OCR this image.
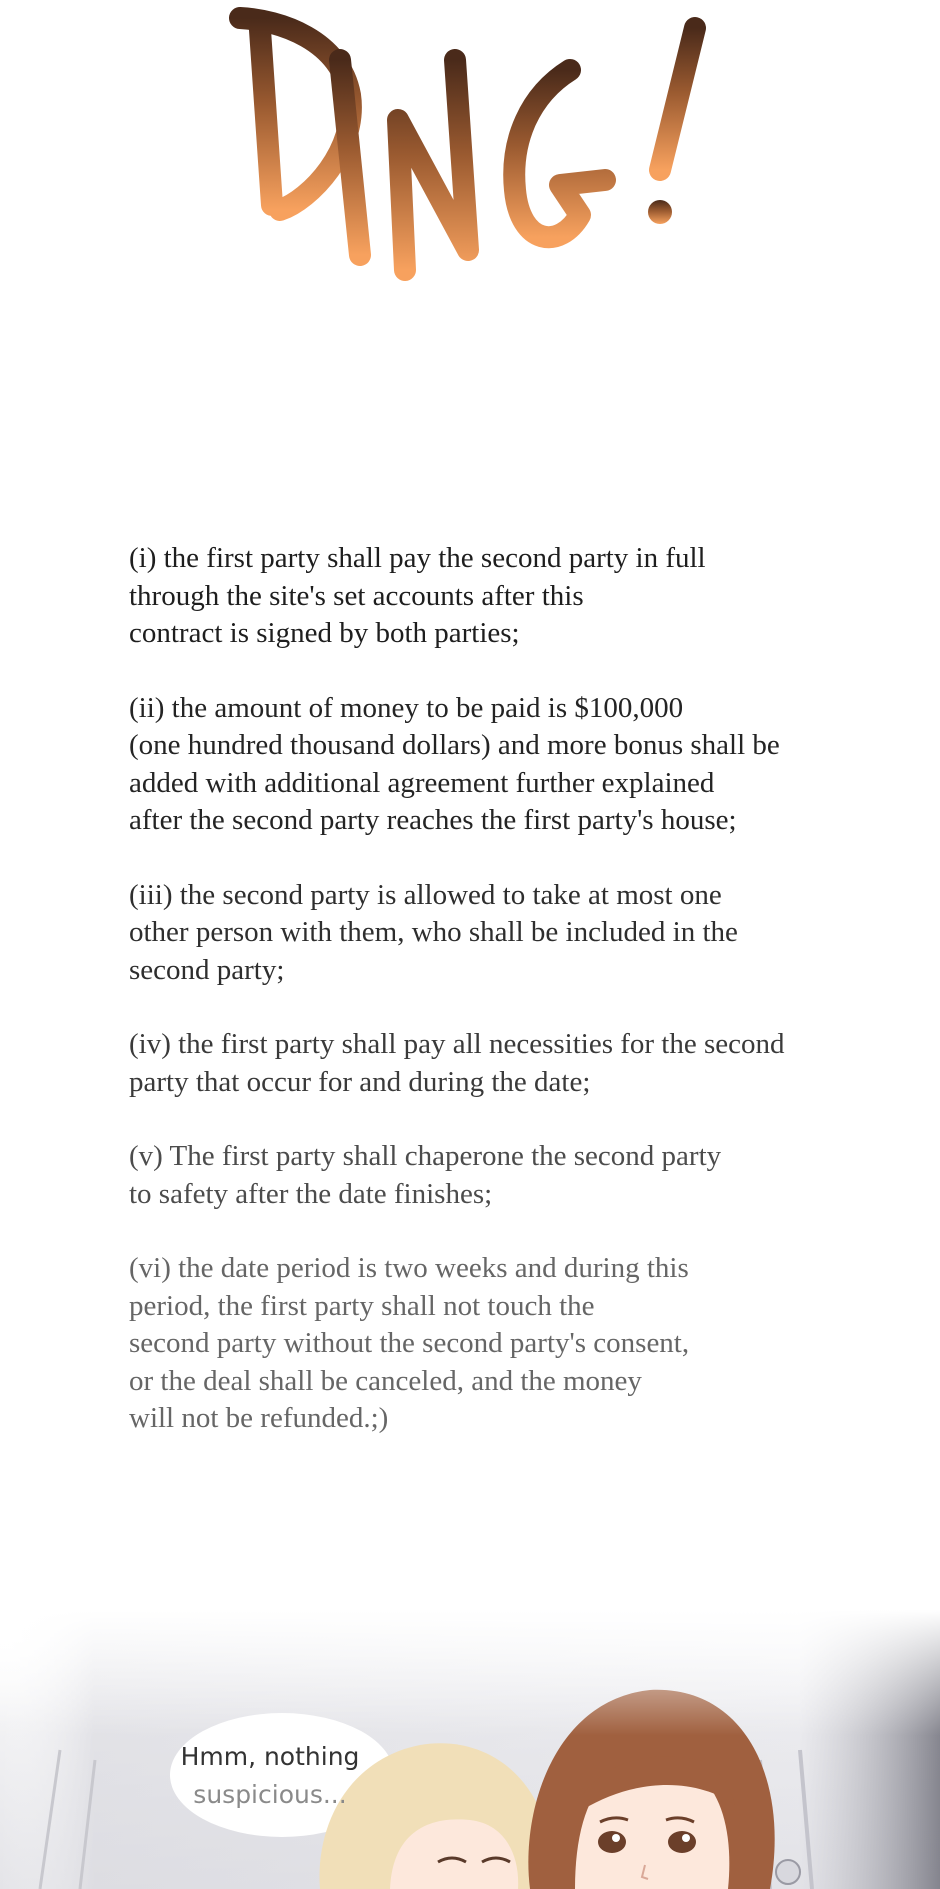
(i) the first party shall pay the second party in full
through the site's set accounts after this
contract is signed by both parties;

(ii) the amount of money to be paid is $100,000
(one hundred thousand dollars) and more bonus shall be
added with additional agreement further explained
after the second party reaches the first party's house;

(iii) the second party is allowed to take at most one
other person with them, who shall be included in the
second party;

(iv) the first party shall pay all necessities for the second
party that occur for and during the date;

(v) The first party shall chaperone the second party
to safety after the date finishes;

(vi) the date period is two weeks and during this
period, the first party shall not touch the
second party without the second party's consent,
or the deal shall be canceled, and the money
will not be refunded.;)

Hmm, nothing
suspicious...
